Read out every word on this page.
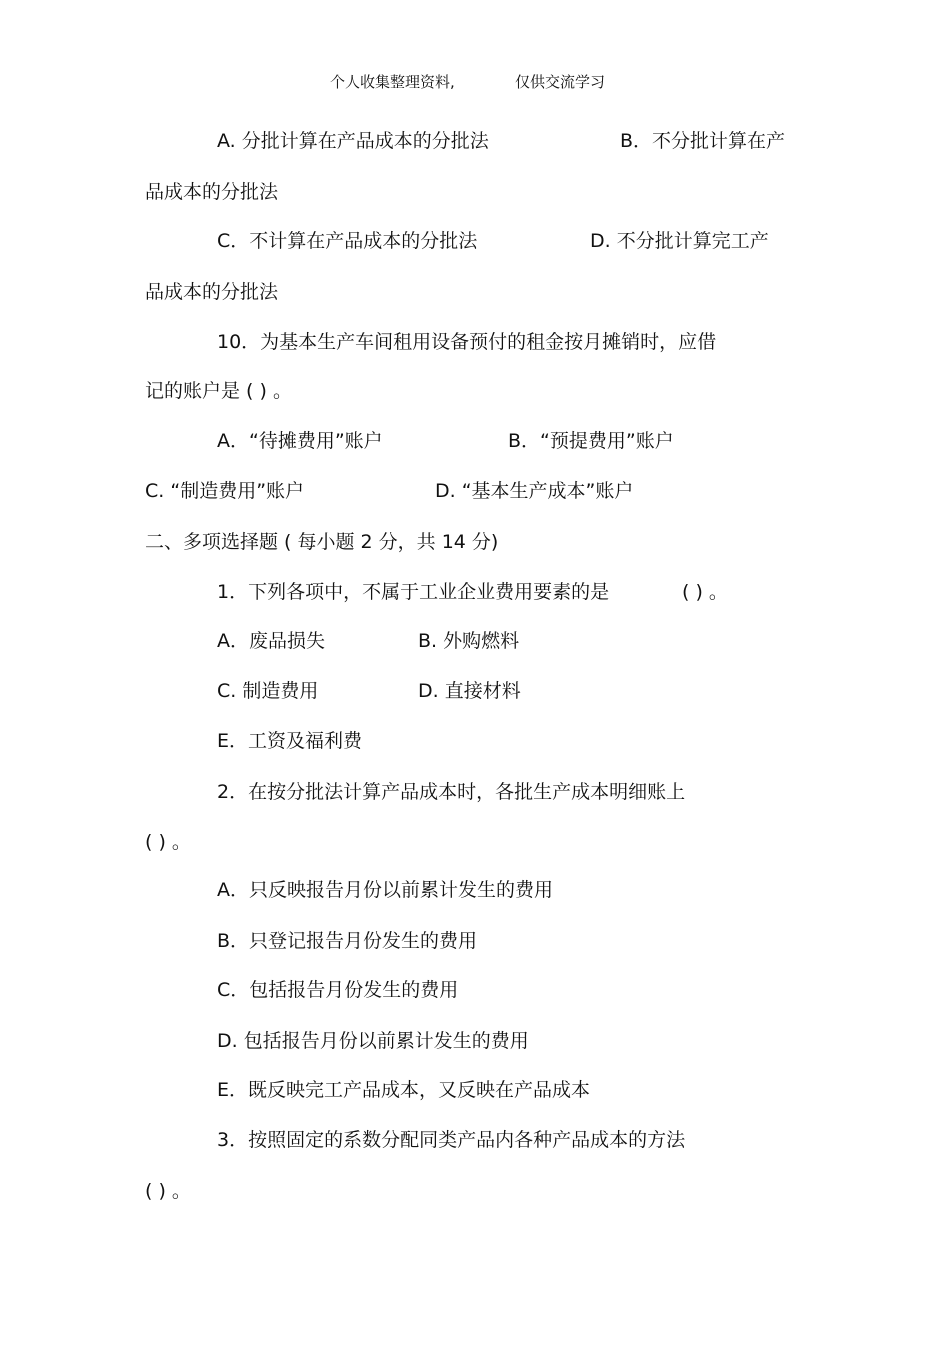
个人收集整理资料,	仅供交流学习
A. 分批计算在产品成本的分批法	B．不分批计算在产
品成本的分批法
C．不计算在产品成本的分批法	D. 不分批计算完工产
品成本的分批法
10．为基本生产车间租用设备预付的租金按月摊销时，应借
记的账户是 ( ) 。
A．“待摊费用”账户	B．“预提费用”账户
C. “制造费用”账户	D. “基本生产成本”账户
二、多项选择题 ( 每小题 2 分，共 14 分)
1．下列各项中，不属于工业企业费用要素的是	( ) 。
A．废品损失	B. 外购燃料
C. 制造费用	D. 直接材料
E．工资及福利费
2．在按分批法计算产品成本时，各批生产成本明细账上
( ) 。
A．只反映报告月份以前累计发生的费用
B．只登记报告月份发生的费用
C．包括报告月份发生的费用
D. 包括报告月份以前累计发生的费用
E．既反映完工产品成本，又反映在产品成本
3．按照固定的系数分配同类产品内各种产品成本的方法
( ) 。
